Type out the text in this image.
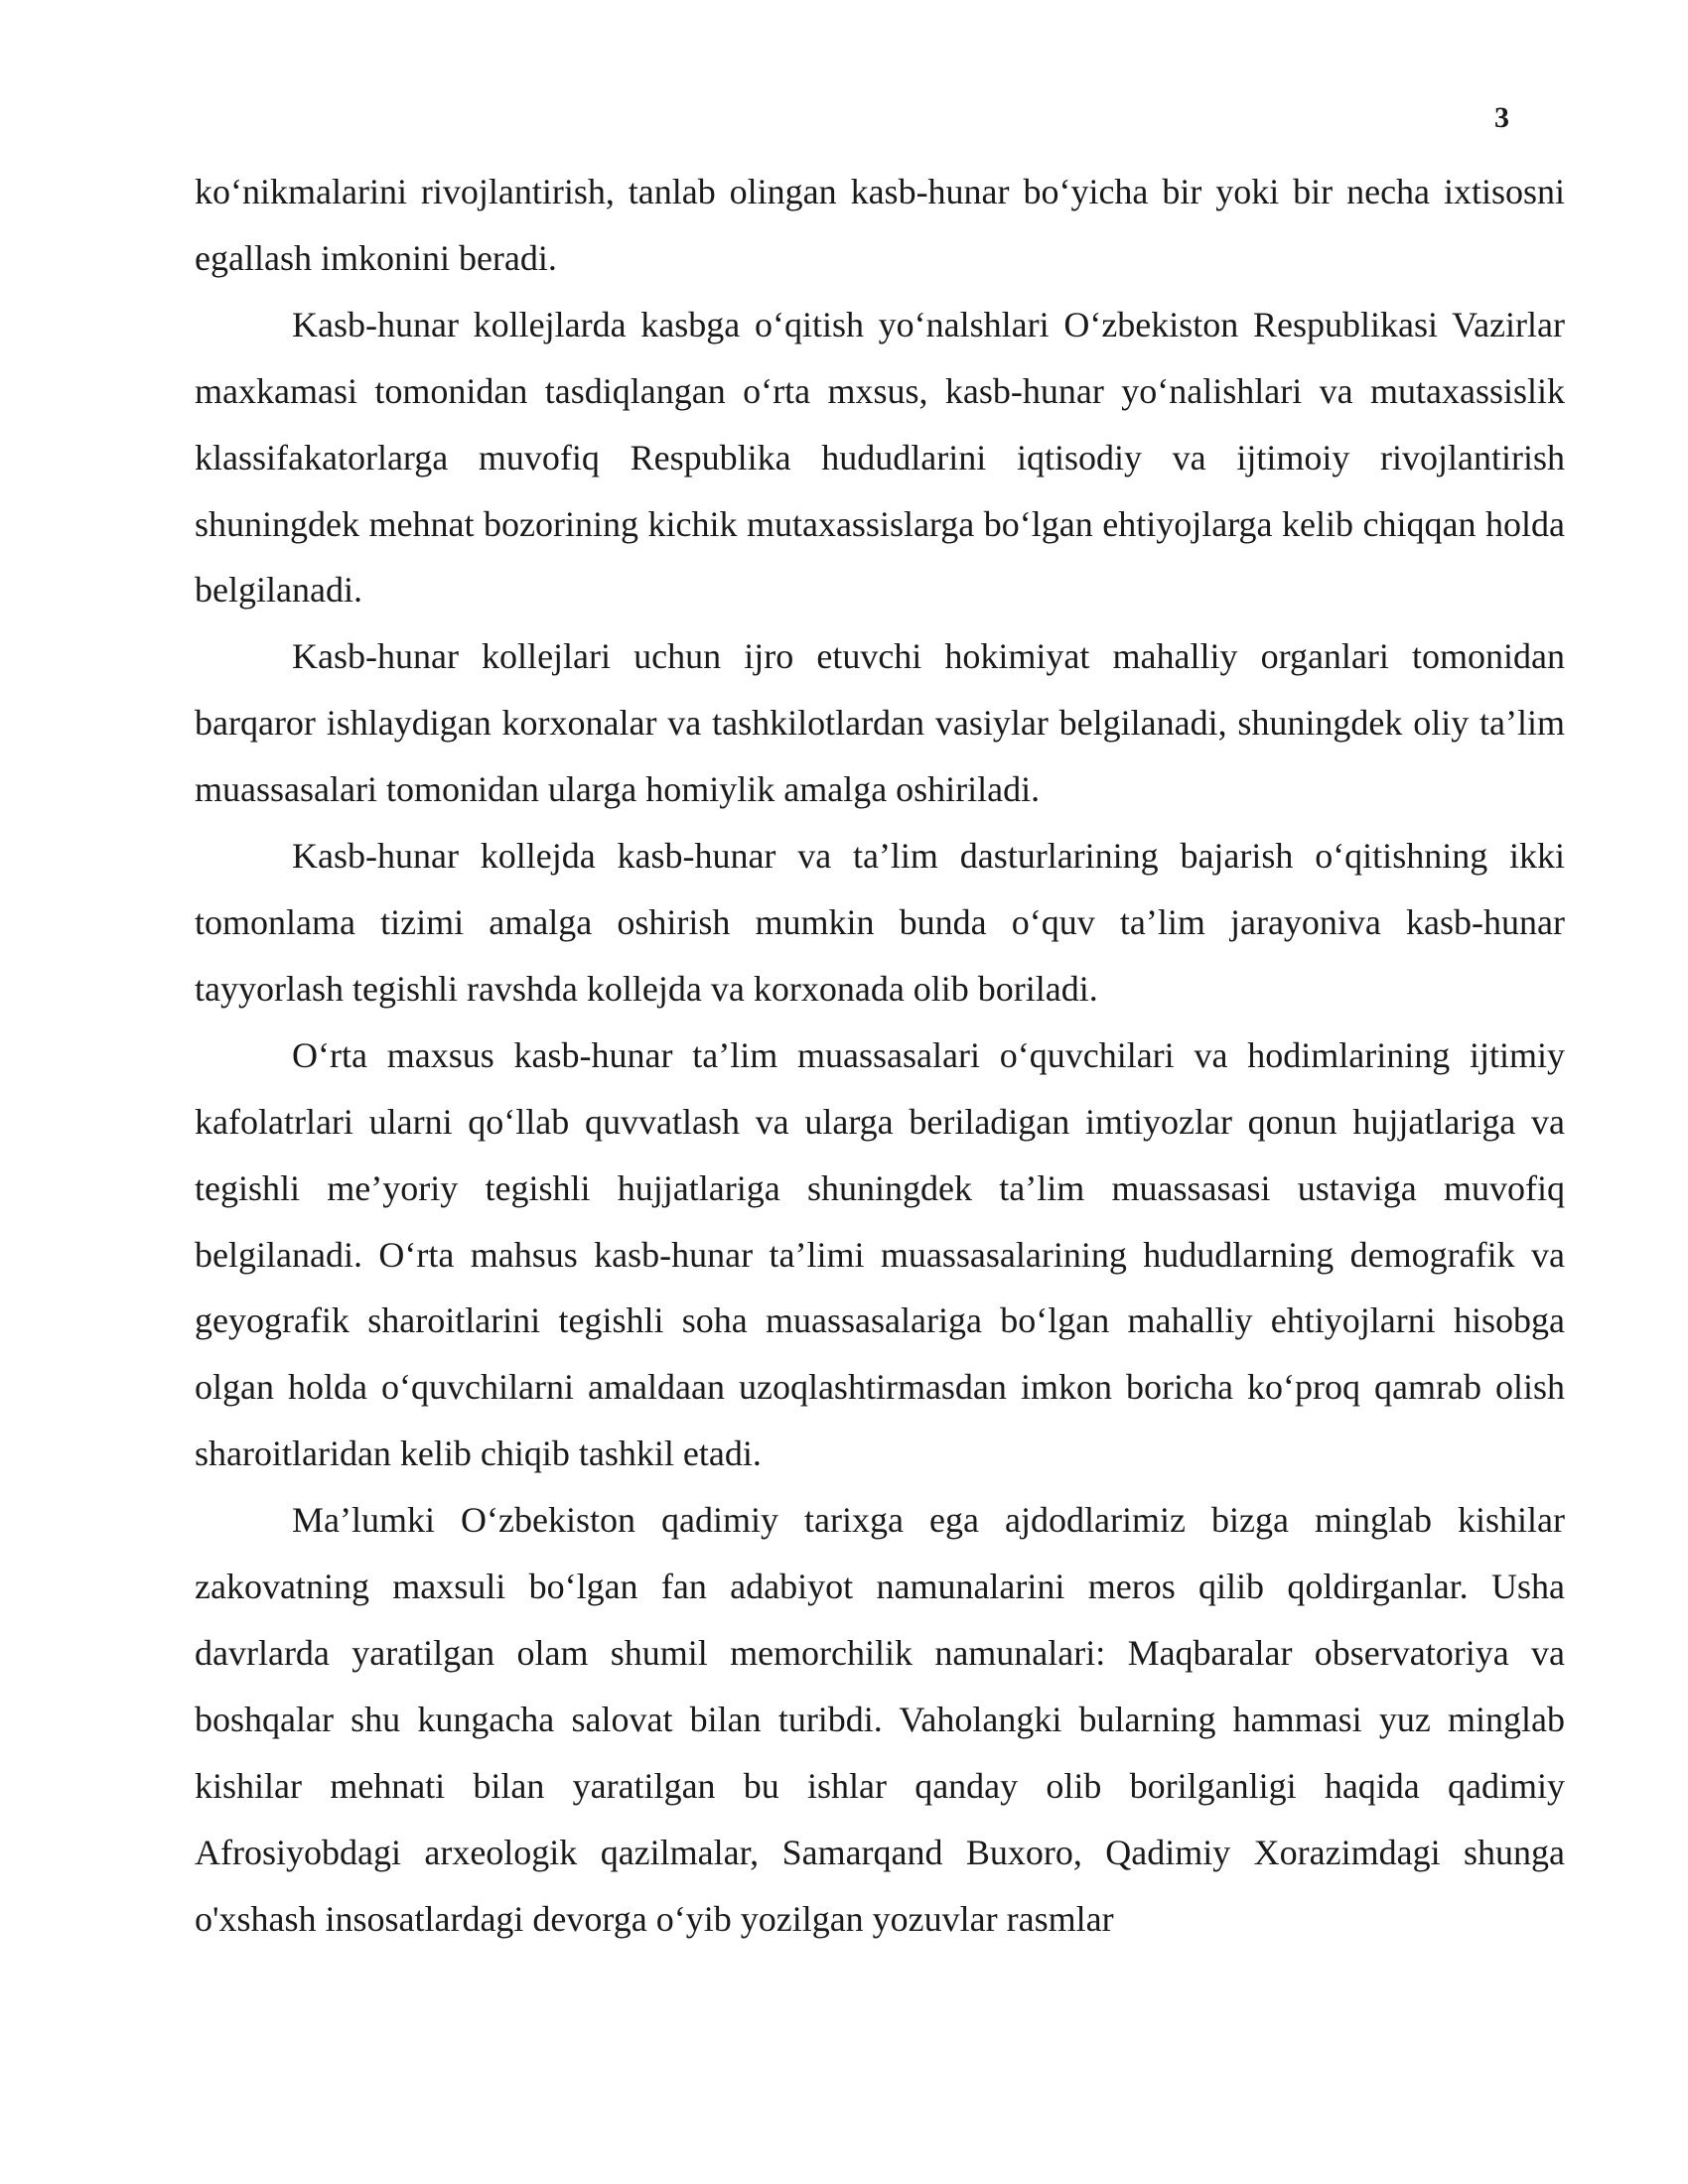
3

ko‘nikmalarini rivojlantirish, tanlab olingan kasb-hunar bo‘yicha bir yoki bir necha ixtisosni egallash imkonini beradi.

Kasb-hunar kollejlarda kasbga o‘qitish yo‘nalshlari O‘zbekiston Respublikasi Vazirlar maxkamasi tomonidan tasdiqlangan o‘rta mxsus, kasb-hunar yo‘nalishlari va mutaxassislik klassifakatorlarga muvofiq Respublika hududlarini iqtisodiy va ijtimoiy rivojlantirish shuningdek mehnat bozorining kichik mutaxassislarga bo‘lgan ehtiyojlarga kelib chiqqan holda belgilanadi.

Kasb-hunar kollejlari uchun ijro etuvchi hokimiyat mahalliy organlari tomonidan barqaror ishlaydigan korxonalar va tashkilotlardan vasiylar belgilanadi, shuningdek oliy ta’lim muassasalari tomonidan ularga homiylik amalga oshiriladi.

Kasb-hunar kollejda kasb-hunar va ta’lim dasturlarining bajarish o‘qitishning ikki tomonlama tizimi amalga oshirish mumkin bunda o‘quv ta’lim jarayoniva kasb-hunar tayyorlash tegishli ravshda kollejda va korxonada olib boriladi.

O‘rta maxsus kasb-hunar ta’lim muassasalari o‘quvchilari va hodimlarining ijtimiy kafolatrlari ularni qo‘llab quvvatlash va ularga beriladigan imtiyozlar qonun hujjatlariga va tegishli me’yoriy tegishli hujjatlariga shuningdek ta’lim muassasasi ustaviga muvofiq belgilanadi. O‘rta mahsus kasb-hunar ta’limi muassasalarining hududlarning demografik va geyografik sharoitlarini tegishli soha muassasalariga bo‘lgan mahalliy ehtiyojlarni hisobga olgan holda o‘quvchilarni amaldaan uzoqlashtirmasdan imkon boricha ko‘proq qamrab olish sharoitlaridan kelib chiqib tashkil etadi.

Ma’lumki O‘zbekiston qadimiy tarixga ega ajdodlarimiz bizga minglab kishilar zakovatning maxsuli bo‘lgan fan adabiyot namunalarini meros qilib qoldirganlar. Usha davrlarda yaratilgan olam shumil memorchilik namunalari: Maqbaralar observatoriya va boshqalar shu kungacha salovat bilan turibdi. Vaholangki bularning hammasi yuz minglab kishilar mehnati bilan yaratilgan bu ishlar qanday olib borilganligi haqida qadimiy Afrosiyobdagi arxeologik qazilmalar, Samarqand Buxoro, Qadimiy Xorazimdagi shunga o'xshash insosatlardagi devorga o‘yib yozilgan yozuvlar rasmlar
